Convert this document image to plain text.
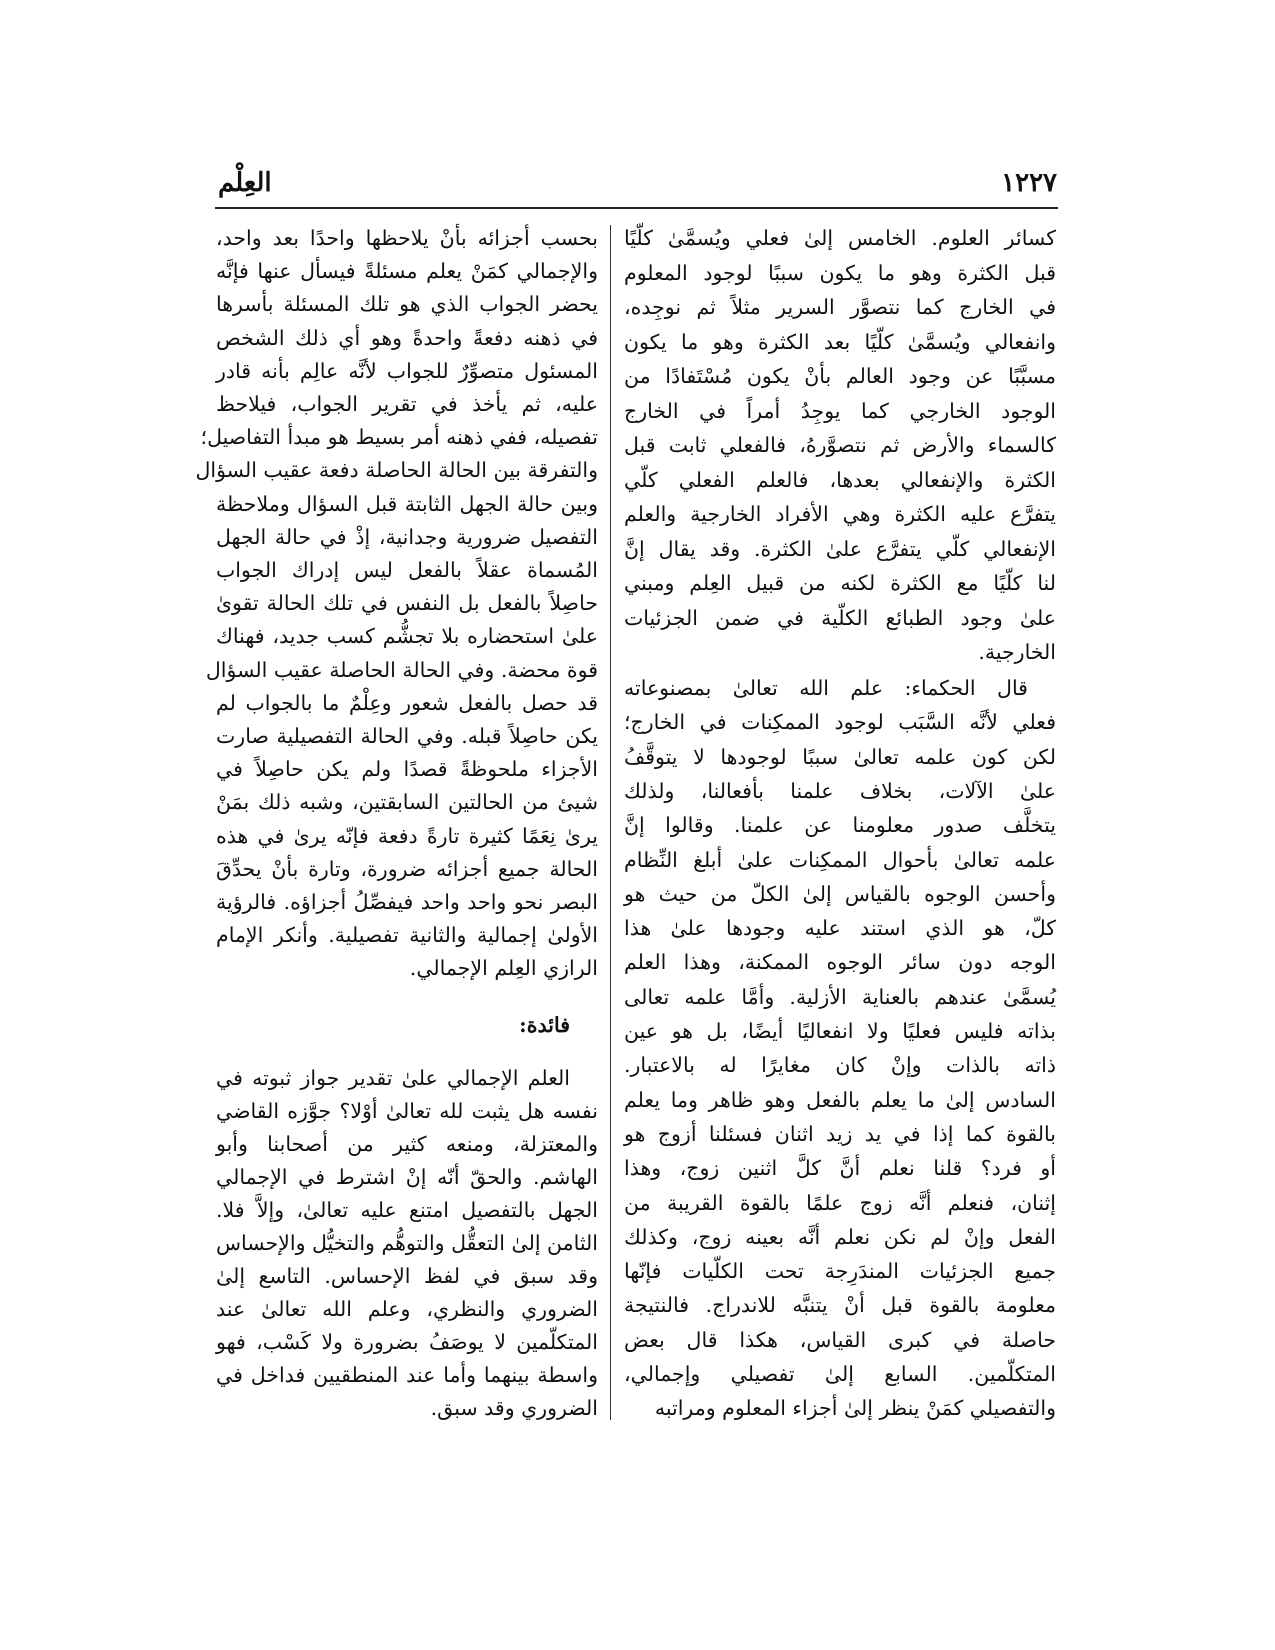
العِلْم	١٢٢٧
كسائر العلوم. الخامس إلىٰ فعلي ويُسمَّىٰ كلّيًا
قبل الكثرة وهو ما يكون سببًا لوجود المعلوم
في الخارج كما نتصوَّر السرير مثلاً ثم نوجِده،
وانفعالي ويُسمَّىٰ كلّيًا بعد الكثرة وهو ما يكون
مسبَّبًا عن وجود العالم بأنْ يكون مُسْتَفادًا من
الوجود الخارجي كما يوجِدُ أمراً في الخارج
كالسماء والأرض ثم نتصوَّرهُ، فالفعلي ثابت قبل
الكثرة والإنفعالي بعدها، فالعلم الفعلي كلّي
يتفرَّع عليه الكثرة وهي الأفراد الخارجية والعلم
الإنفعالي كلّي يتفرَّع علىٰ الكثرة. وقد يقال إنَّ
لنا كلّيًا مع الكثرة لكنه من قبيل العِلم ومبني
علىٰ وجود الطبائع الكلّية في ضمن الجزئيات
الخارجية.
قال الحكماء: علم الله تعالىٰ بمصنوعاته
فعلي لأنَّه السَّبَب لوجود الممكِنات في الخارج؛
لكن كون علمه تعالىٰ سببًا لوجودها لا يتوقَّفُ
علىٰ الآلات، بخلاف علمنا بأفعالنا، ولذلك
يتخلَّف صدور معلومنا عن علمنا. وقالوا إنَّ
علمه تعالىٰ بأحوال الممكِنات علىٰ أبلغ النِّظام
وأحسن الوجوه بالقياس إلىٰ الكلّ من حيث هو
كلّ، هو الذي استند عليه وجودها علىٰ هذا
الوجه دون سائر الوجوه الممكنة، وهذا العلم
يُسمَّىٰ عندهم بالعناية الأزلية. وأمَّا علمه تعالى
بذاته فليس فعليًا ولا انفعاليًا أيضًا، بل هو عين
ذاته بالذات وإنْ كان مغايرًا له بالاعتبار.
السادس إلىٰ ما يعلم بالفعل وهو ظاهر وما يعلم
بالقوة كما إذا في يد زيد اثنان فسئلنا أزوج هو
أو فرد؟ قلنا نعلم أنَّ كلَّ اثنين زوج، وهذا
إثنان، فنعلم أنَّه زوج علمًا بالقوة القريبة من
الفعل وإنْ لم نكن نعلم أنَّه بعينه زوج، وكذلك
جميع الجزئيات المندَرِجة تحت الكلّيات فإنّها
معلومة بالقوة قبل أنْ يتنبَّه للاندراج. فالنتيجة
حاصلة في كبرى القياس، هكذا قال بعض
المتكلّمين. السابع إلىٰ تفصيلي وإجمالي،
والتفصيلي كمَنْ ينظر إلىٰ أجزاء المعلوم ومراتبه
بحسب أجزائه بأنْ يلاحظها واحدًا بعد واحد،
والإجمالي كمَنْ يعلم مسئلةً فيسأل عنها فإنَّه
يحضر الجواب الذي هو تلك المسئلة بأسرها
في ذهنه دفعةً واحدةً وهو أي ذلك الشخص
المسئول متصوِّرٌ للجواب لأنَّه عالِم بأنه قادر
عليه، ثم يأخذ في تقرير الجواب، فيلاحظ
تفصيله، ففي ذهنه أمر بسيط هو مبدأ التفاصيل؛
والتفرقة بين الحالة الحاصلة دفعة عقيب السؤال
وبين حالة الجهل الثابتة قبل السؤال وملاحظة
التفصيل ضرورية وجدانية، إذْ في حالة الجهل
المُسماة عقلاً بالفعل ليس إدراك الجواب
حاصِلاً بالفعل بل النفس في تلك الحالة تقوىٰ
علىٰ استحضاره بلا تجشُّم كسب جديد، فهناك
قوة محضة. وفي الحالة الحاصلة عقيب السؤال
قد حصل بالفعل شعور وعِلْمٌ ما بالجواب لم
يكن حاصِلاً قبله. وفي الحالة التفصيلية صارت
الأجزاء ملحوظةً قصدًا ولم يكن حاصِلاً في
شيئ من الحالتين السابقتين، وشبه ذلك بمَنْ
يرىٰ نِعَمًا كثيرة تارةً دفعة فإنّه يرىٰ في هذه
الحالة جميع أجزائه ضرورة، وتارة بأنْ يحدِّقَ
البصر نحو واحد واحد فيفصِّلُ أجزاؤه. فالرؤية
الأولىٰ إجمالية والثانية تفصيلية. وأنكر الإمام
الرازي العِلم الإجمالي.
العلم الإجمالي علىٰ تقدير جواز ثبوته في
نفسه هل يثبت لله تعالىٰ أوْلا؟ جوَّزه القاضي
والمعتزلة، ومنعه كثير من أصحابنا وأبو
الهاشم. والحقّ أنّه إنْ اشترط في الإجمالي
الجهل بالتفصيل امتنع عليه تعالىٰ، وإلاَّ فلا.
الثامن إلىٰ التعقُّل والتوهُّم والتخيُّل والإحساس
وقد سبق في لفظ الإحساس. التاسع إلىٰ
الضروري والنظري، وعلم الله تعالىٰ عند
المتكلّمين لا يوصَفُ بضرورة ولا كَسْب، فهو
واسطة بينهما وأما عند المنطقيين فداخل في
الضروري وقد سبق.
فائدة:
